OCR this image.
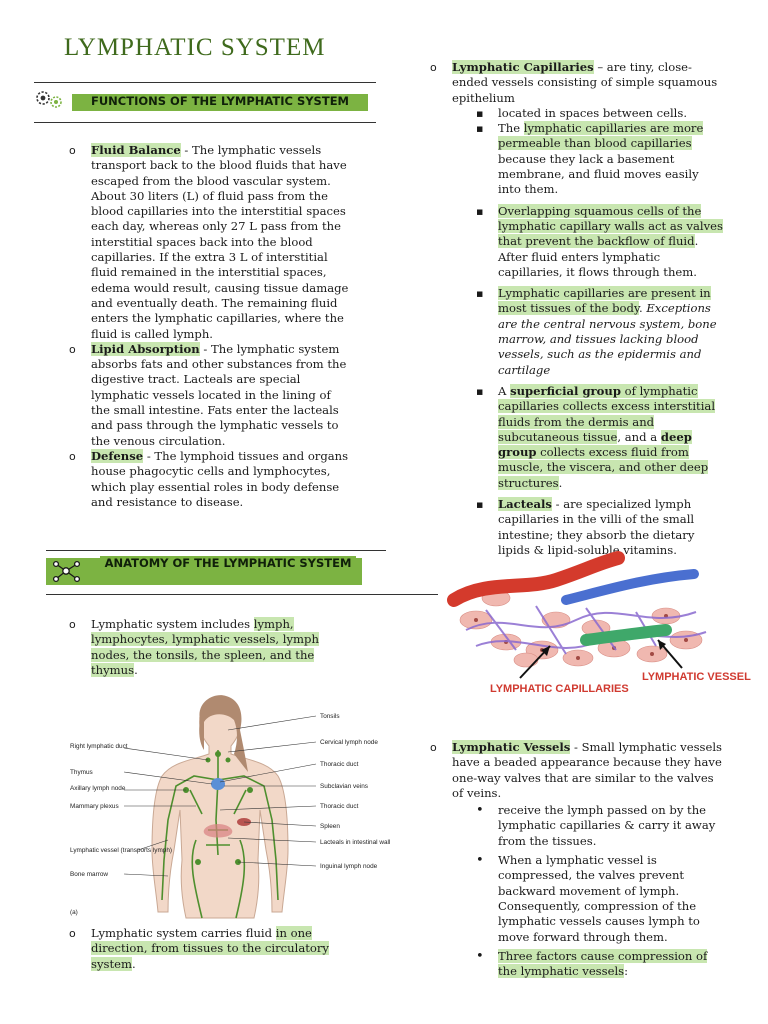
LYMPHATIC SYSTEM
FUNCTIONS OF THE LYMPHATIC SYSTEM
o Fluid Balance - The lymphatic vessels transport back to the blood fluids that have escaped from the blood vascular system. About 30 liters (L) of fluid pass from the blood capillaries into the interstitial spaces each day, whereas only 27 L pass from the interstitial spaces back into the blood capillaries. If the extra 3 L of interstitial fluid remained in the interstitial spaces, edema would result, causing tissue damage and eventually death. The remaining fluid enters the lymphatic capillaries, where the fluid is called lymph.
o Lipid Absorption - The lymphatic system absorbs fats and other substances from the digestive tract. Lacteals are special lymphatic vessels located in the lining of the small intestine. Fats enter the lacteals and pass through the lymphatic vessels to the venous circulation.
o Defense - The lymphoid tissues and organs house phagocytic cells and lymphocytes, which play essential roles in body defense and resistance to disease.
ANATOMY OF THE LYMPHATIC SYSTEM
o Lymphatic system includes lymph, lymphocytes, lymphatic vessels, lymph nodes, the tonsils, the spleen, and the thymus.
Tonsils
Cervical lymph node
Thoracic duct
Subclavian veins
Thoracic duct
Spleen
Lacteals in intestinal wall
Inguinal lymph node
Right lymphatic duct
Thymus
Axillary lymph node
Mammary plexus
Lymphatic vessel (transports lymph)
Bone marrow
(a)
o Lymphatic system carries fluid in one direction, from tissues to the circulatory system.
o Lymphatic Capillaries – are tiny, close-ended vessels consisting of simple squamous epithelium
▪ located in spaces between cells.
▪ The lymphatic capillaries are more permeable than blood capillaries because they lack a basement membrane, and fluid moves easily into them.
▪ Overlapping squamous cells of the lymphatic capillary walls act as valves that prevent the backflow of fluid. After fluid enters lymphatic capillaries, it flows through them.
▪ Lymphatic capillaries are present in most tissues of the body. Exceptions are the central nervous system, bone marrow, and tissues lacking blood vessels, such as the epidermis and cartilage
▪ A superficial group of lymphatic capillaries collects excess interstitial fluids from the dermis and subcutaneous tissue, and a deep group collects excess fluid from muscle, the viscera, and other deep structures.
▪ Lacteals - are specialized lymph capillaries in the villi of the small intestine; they absorb the dietary lipids & lipid-soluble vitamins.
LYMPHATIC CAPILLARIES
LYMPHATIC VESSEL
o Lymphatic Vessels - Small lymphatic vessels have a beaded appearance because they have one-way valves that are similar to the valves of veins.
• receive the lymph passed on by the lymphatic capillaries & carry it away from the tissues.
• When a lymphatic vessel is compressed, the valves prevent backward movement of lymph. Consequently, compression of the lymphatic vessels causes lymph to move forward through them.
• Three factors cause compression of the lymphatic vessels:
